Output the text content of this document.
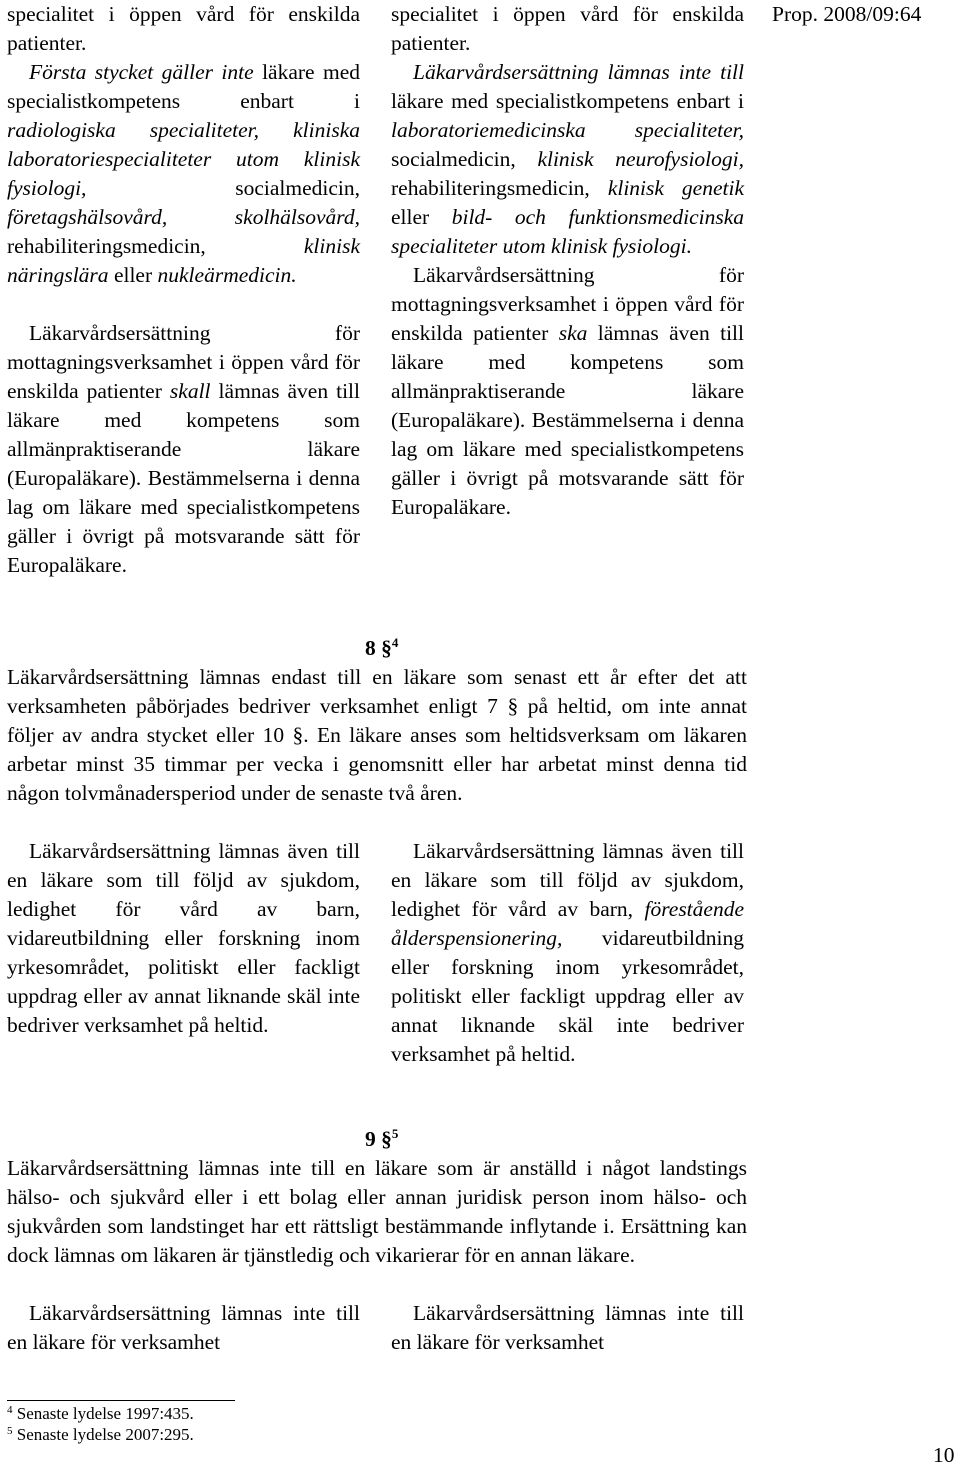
Prop. 2008/09:64

specialitet i öppen vård för enskilda patienter.

Första stycket gäller inte läkare med specialistkompetens enbart i radiologiska specialiteter, kliniska laboratoriespecialiteter utom klinisk fysiologi, socialmedicin, företagshälsovård, skolhälsovård, rehabiliteringsmedicin, klinisk näringslära eller nukleärmedicin.

Läkarvårdsersättning för mottagningsverksamhet i öppen vård för enskilda patienter skall lämnas även till läkare med kompetens som allmänpraktiserande läkare (Europaläkare). Bestämmelserna i denna lag om läkare med specialistkompetens gäller i övrigt på motsvarande sätt för Europaläkare.

specialitet i öppen vård för enskilda patienter.

Läkarvårdsersättning lämnas inte till läkare med specialistkompetens enbart i laboratoriemedicinska specialiteter, socialmedicin, klinisk neurofysiologi, rehabiliteringsmedicin, klinisk genetik eller bild- och funktionsmedicinska specialiteter utom klinisk fysiologi.

Läkarvårdsersättning för mottagningsverksamhet i öppen vård för enskilda patienter ska lämnas även till läkare med kompetens som allmänpraktiserande läkare (Europaläkare). Bestämmelserna i denna lag om läkare med specialistkompetens gäller i övrigt på motsvarande sätt för Europaläkare.

8 §$^4$

Läkarvårdsersättning lämnas endast till en läkare som senast ett år efter det att verksamheten påbörjades bedriver verksamhet enligt 7 § på heltid, om inte annat följer av andra stycket eller 10 §. En läkare anses som heltidsverksam om läkaren arbetar minst 35 timmar per vecka i genomsnitt eller har arbetat minst denna tid någon tolvmånadersperiod under de senaste två åren.

Läkarvårdsersättning lämnas även till en läkare som till följd av sjukdom, ledighet för vård av barn, vidareutbildning eller forskning inom yrkesområdet, politiskt eller fackligt uppdrag eller av annat liknande skäl inte bedriver verksamhet på heltid.

Läkarvårdsersättning lämnas även till en läkare som till följd av sjukdom, ledighet för vård av barn, förestående ålderspensionering, vidareutbildning eller forskning inom yrkesområdet, politiskt eller fackligt uppdrag eller av annat liknande skäl inte bedriver verksamhet på heltid.

9 §$^5$

Läkarvårdsersättning lämnas inte till en läkare som är anställd i något landstings hälso- och sjukvård eller i ett bolag eller annan juridisk person inom hälso- och sjukvården som landstinget har ett rättsligt bestämmande inflytande i. Ersättning kan dock lämnas om läkaren är tjänstledig och vikarierar för en annan läkare.

Läkarvårdsersättning lämnas inte till en läkare för verksamhet

Läkarvårdsersättning lämnas inte till en läkare för verksamhet

$^4$ Senaste lydelse 1997:435.
$^5$ Senaste lydelse 2007:295.
10
